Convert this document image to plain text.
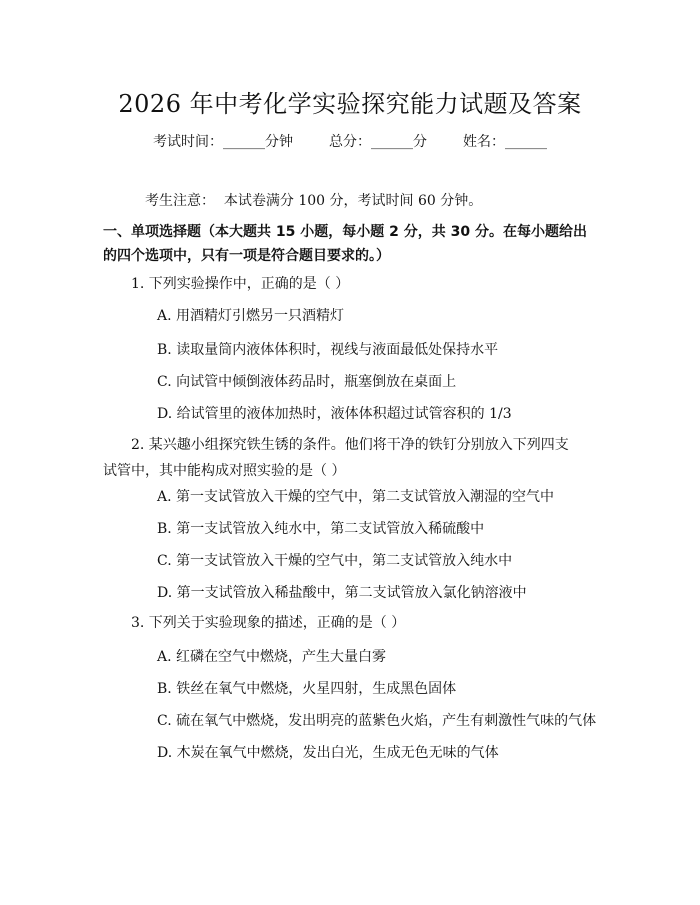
2026 年中考化学实验探究能力试题及答案
考试时间：______分钟	总分：______分	姓名：______
考生注意： 本试卷满分 100 分，考试时间 60 分钟。
一、单项选择题（本大题共 15 小题，每小题 2 分，共 30 分。在每小题给出的四个选项中，只有一项是符合题目要求的。）
1. 下列实验操作中，正确的是（ ）
A. 用酒精灯引燃另一只酒精灯
B. 读取量筒内液体体积时，视线与液面最低处保持水平
C. 向试管中倾倒液体药品时，瓶塞倒放在桌面上
D. 给试管里的液体加热时，液体体积超过试管容积的 1/3
2. 某兴趣小组探究铁生锈的条件。他们将干净的铁钉分别放入下列四支试管中，其中能构成对照实验的是（ ）
A. 第一支试管放入干燥的空气中，第二支试管放入潮湿的空气中
B. 第一支试管放入纯水中，第二支试管放入稀硫酸中
C. 第一支试管放入干燥的空气中，第二支试管放入纯水中
D. 第一支试管放入稀盐酸中，第二支试管放入氯化钠溶液中
3. 下列关于实验现象的描述，正确的是（ ）
A. 红磷在空气中燃烧，产生大量白雾
B. 铁丝在氧气中燃烧，火星四射，生成黑色固体
C. 硫在氧气中燃烧，发出明亮的蓝紫色火焰，产生有刺激性气味的气体
D. 木炭在氧气中燃烧，发出白光，生成无色无味的气体
